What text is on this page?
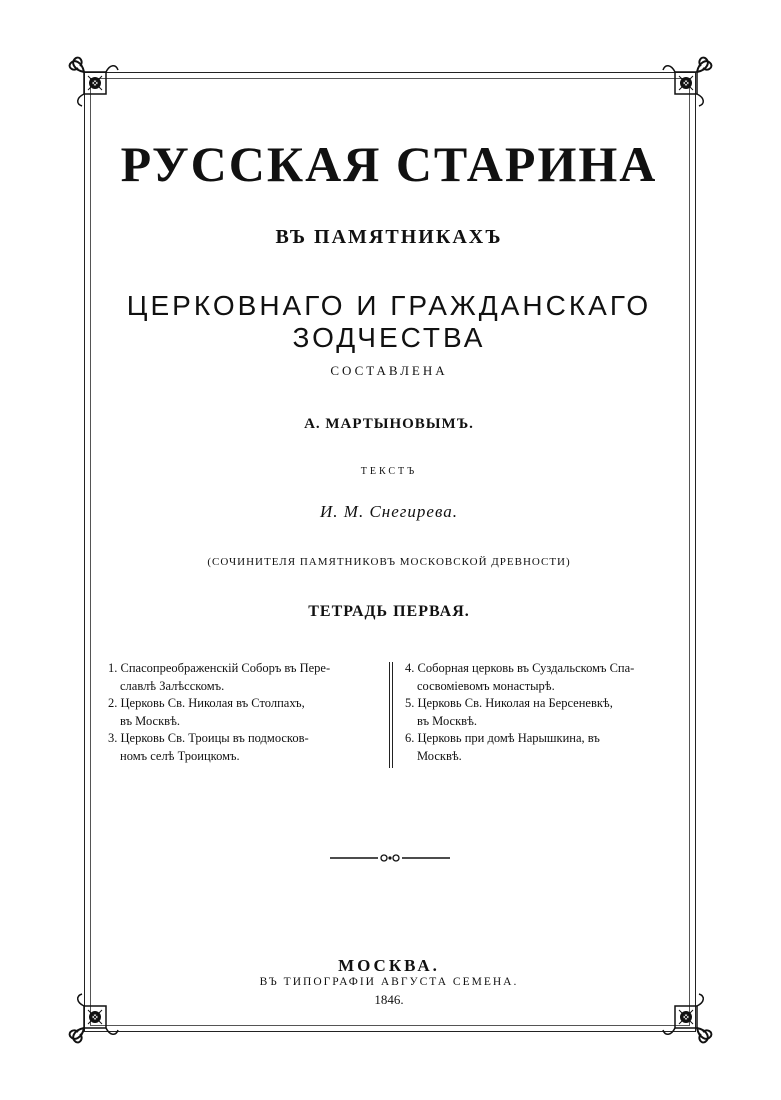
РУССКАЯ СТАРИНА
ВЪ ПАМЯТНИКАХЪ
ЦЕРКОВНАГО И ГРАЖДАНСКАГО ЗОДЧЕСТВА
СОСТАВЛЕНА
А. МАРТЫНОВЫМЪ.
ТЕКСТЪ
И. М. Снегирева.
(СОЧИНИТЕЛЯ ПАМЯТНИКОВЪ МОСКОВСКОЙ ДРЕВНОСТИ)
ТЕТРАДЬ ПЕРВАЯ.
1. Спасопреображенскій Соборъ въ Пере-
славлѣ Залѣсскомъ.
2. Церковь Св. Николая въ Столпахъ,
въ Москвѣ.
3. Церковь Св. Троицы въ подмосков-
номъ селѣ Троицкомъ.
4. Соборная церковь въ Суздальскомъ Спа-
сосвоміевомъ монастырѣ.
5. Церковь Св. Николая на Берсеневкѣ,
въ Москвѣ.
6. Церковь при домѣ Нарышкина, въ
Москвѣ.
МОСКВА.
ВЪ ТИПОГРАФІИ АВГУСТА СЕМЕНА.
1846.
